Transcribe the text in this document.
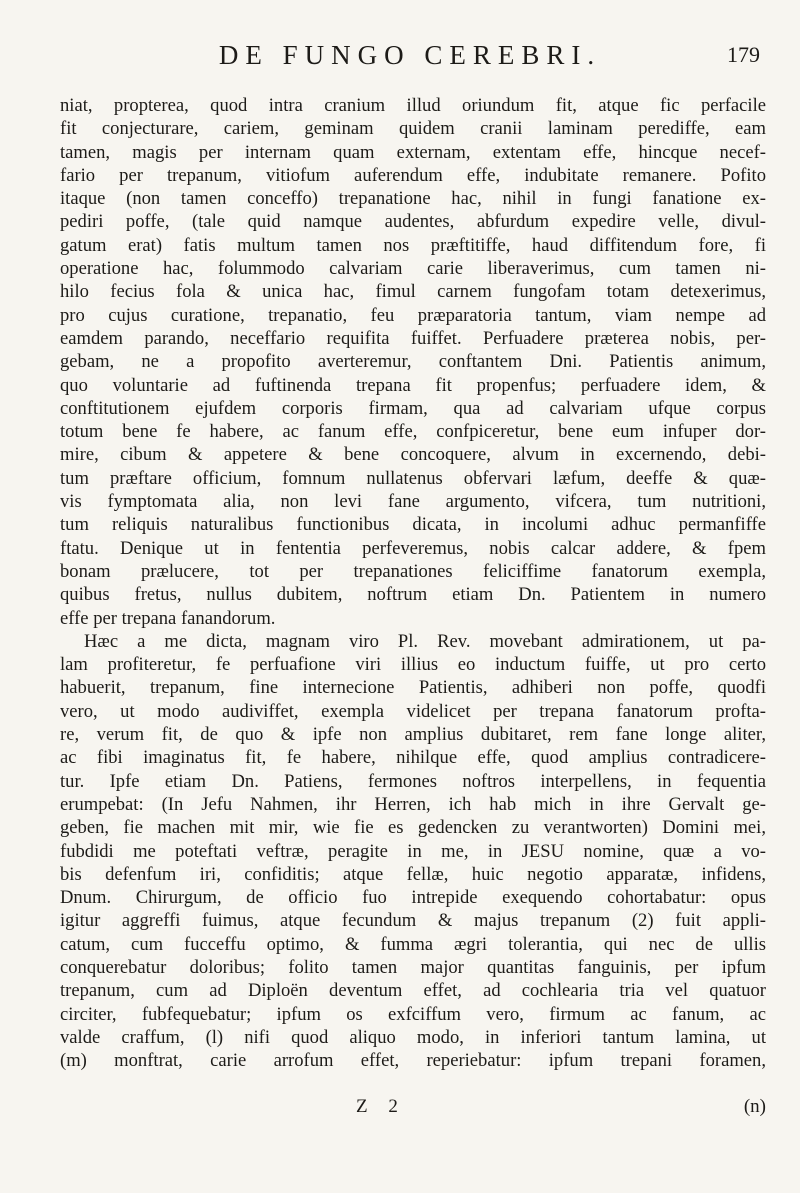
DE FUNGO CEREBRI.	179
niat, propterea, quod intra cranium illud oriundum fit, atque fic perfacile
fit conjecturare, cariem, geminam quidem cranii laminam perediffe, eam
tamen, magis per internam quam externam, extentam effe, hincque necef-
fario per trepanum, vitiofum auferendum effe, indubitate remanere. Pofito
itaque (non tamen conceffo) trepanatione hac, nihil in fungi fanatione ex-
pediri poffe, (tale quid namque audentes, abfurdum expedire velle, divul-
gatum erat) fatis multum tamen nos præftitiffe, haud diffitendum fore, fi
operatione hac, folummodo calvariam carie liberaverimus, cum tamen ni-
hilo fecius fola & unica hac, fimul carnem fungofam totam detexerimus,
pro cujus curatione, trepanatio, feu præparatoria tantum, viam nempe ad
eamdem parando, neceffario requifita fuiffet. Perfuadere præterea nobis, per-
gebam, ne a propofito averteremur, conftantem Dni. Patientis animum,
quo voluntarie ad fuftinenda trepana fit propenfus; perfuadere idem, &
conftitutionem ejufdem corporis firmam, qua ad calvariam ufque corpus
totum bene fe habere, ac fanum effe, confpiceretur, bene eum infuper dor-
mire, cibum & appetere & bene concoquere, alvum in excernendo, debi-
tum præftare officium, fomnum nullatenus obfervari læfum, deeffe & quæ-
vis fymptomata alia, non levi fane argumento, vifcera, tum nutritioni,
tum reliquis naturalibus functionibus dicata, in incolumi adhuc permanfiffe
ftatu. Denique ut in fententia perfeveremus, nobis calcar addere, & fpem
bonam prælucere, tot per trepanationes feliciffime fanatorum exempla,
quibus fretus, nullus dubitem, noftrum etiam Dn. Patientem in numero
effe per trepana fanandorum.
Hæc a me dicta, magnam viro Pl. Rev. movebant admirationem, ut pa-
lam profiteretur, fe perfuafione viri illius eo inductum fuiffe, ut pro certo
habuerit, trepanum, fine internecione Patientis, adhiberi non poffe, quodfi
vero, ut modo audiviffet, exempla videlicet per trepana fanatorum profta-
re, verum fit, de quo & ipfe non amplius dubitaret, rem fane longe aliter,
ac fibi imaginatus fit, fe habere, nihilque effe, quod amplius contradicere-
tur. Ipfe etiam Dn. Patiens, fermones noftros interpellens, in fequentia
erumpebat: (In Jefu Nahmen, ihr Herren, ich hab mich in ihre Gervalt ge-
geben, fie machen mit mir, wie fie es gedencken zu verantworten) Domini mei,
fubdidi me poteftati veftræ, peragite in me, in JESU nomine, quæ a vo-
bis defenfum iri, confiditis; atque fellæ, huic negotio apparatæ, infidens,
Dnum. Chirurgum, de officio fuo intrepide exequendo cohortabatur: opus
igitur aggreffi fuimus, atque fecundum & majus trepanum (2) fuit appli-
catum, cum fucceffu optimo, & fumma ægri tolerantia, qui nec de ullis
conquerebatur doloribus; folito tamen major quantitas fanguinis, per ipfum
trepanum, cum ad Diploën deventum effet, ad cochlearia tria vel quatuor
circiter, fubfequebatur; ipfum os exfciffum vero, firmum ac fanum, ac
valde craffum, (l) nifi quod aliquo modo, in inferiori tantum lamina, ut
(m) monftrat, carie arrofum effet, reperiebatur: ipfum trepani foramen,
Z 2	(n)
